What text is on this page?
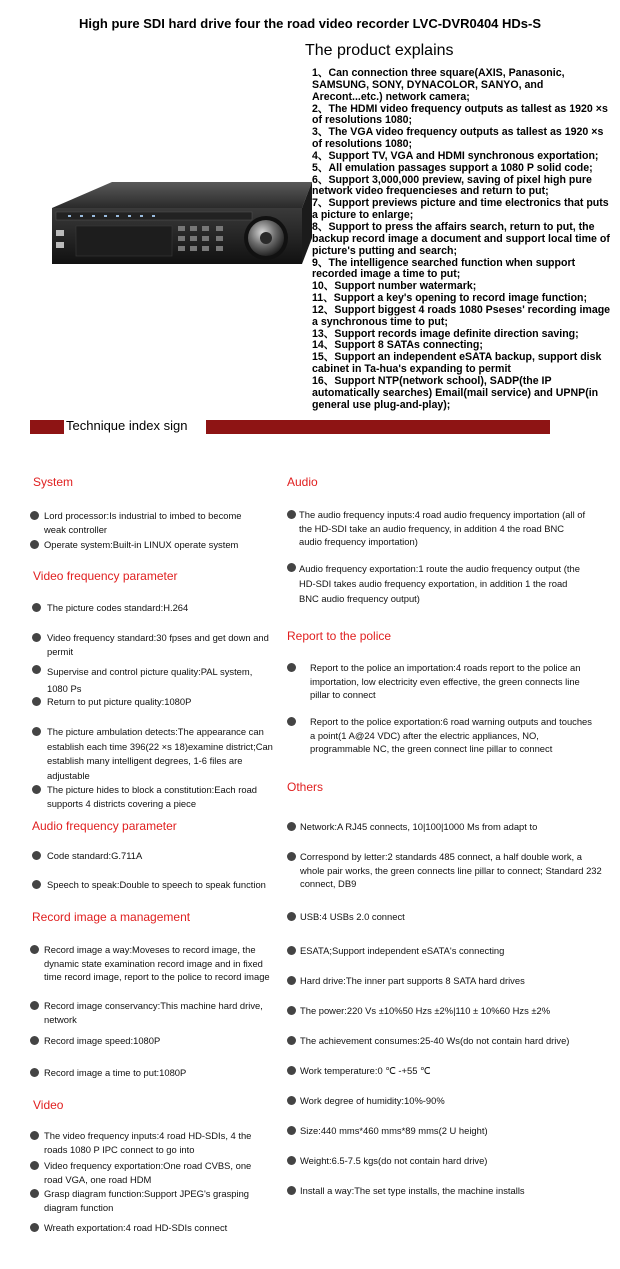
High pure SDI hard drive four the road video recorder LVC-DVR0404 HDs-S
The product explains
1、Can connection three square(AXIS, Panasonic, SAMSUNG, SONY, DYNACOLOR, SANYO, and Arecont...etc.) network camera;
2、The HDMI video frequency outputs as tallest as 1920 ×s of resolutions 1080;
3、The VGA video frequency outputs as tallest as 1920 ×s of resolutions 1080;
4、Support TV, VGA and HDMI synchronous exportation;
5、All emulation passages support a 1080 P solid code;
6、Support 3,000,000 preview, saving of pixel high pure network video frequencieses and return to put;
7、Support previews picture and time electronics that puts a picture to enlarge;
8、Support to press the affairs search, return to put, the backup record image a document and support local time of picture's putting and search;
9、The intelligence searched function when support recorded image a time to put;
10、Support number watermark;
11、Support a key's opening to record image function;
12、Support biggest 4 roads 1080 Pseses' recording image a synchronous time to put;
13、Support records image definite direction saving;
14、Support 8 SATAs connecting;
15、Support an independent eSATA backup, support disk cabinet in Ta-hua's expanding to permit
16、Support NTP(network school), SADP(the IP automatically searches) Email(mail service) and UPNP(in general use plug-and-play);
Technique index sign
System
Lord processor:Is industrial to imbed to become weak controller
Operate system:Built-in LINUX operate system
Video frequency parameter
The picture codes standard:H.264
Video frequency standard:30 fpses and get down and permit
Supervise and control picture quality:PAL system, 1080 Ps
Return to put picture quality:1080P
The picture ambulation detects:The appearance can establish each time 396(22 ×s 18)examine district;Can establish many intelligent degrees, 1-6 files are adjustable
The picture hides to block a constitution:Each road supports 4 districts covering a piece
Audio frequency parameter
Code standard:G.711A
Speech to speak:Double to speech to speak function
Record image a management
Record image a way:Moveses to record image, the dynamic state examination record image and in fixed time record image, report to the police to record image
Record image conservancy:This machine hard drive, network
Record image speed:1080P
Record image a time to put:1080P
Video
The video frequency inputs:4 road HD-SDIs, 4 the roads 1080 P IPC connect to go into
Video frequency exportation:One road CVBS, one road VGA, one road HDM
Grasp diagram function:Support JPEG's grasping diagram function
Wreath exportation:4 road HD-SDIs connect
Audio
The audio frequency inputs:4 road audio frequency importation (all of the HD-SDI take an audio frequency, in addition 4 the road BNC audio frequency importation)
Audio frequency exportation:1 route the audio frequency output (the HD-SDI takes audio frequency exportation, in addition 1 the road BNC audio frequency output)
Report to the police
Report to the police an importation:4 roads report to the police an importation, low electricity even effective, the green connects line pillar to connect
Report to the police exportation:6 road warning outputs and touches a point(1 A@24 VDC) after the electric appliances, NO, programmable NC, the green connect line pillar to connect
Others
Network:A RJ45 connects, 10|100|1000 Ms from adapt to
Correspond by letter:2 standards 485 connect, a half double work, a whole pair works, the green connects line pillar to connect; Standard 232 connect, DB9
USB:4 USBs 2.0 connect
ESATA;Support independent eSATA's connecting
Hard drive:The inner part supports 8 SATA hard drives
The power:220 Vs ±10%50 Hzs ±2%|110 ± 10%60 Hzs ±2%
The achievement consumes:25-40 Ws(do not contain hard drive)
Work temperature:0 ℃ -+55 ℃
Work degree of humidity:10%-90%
Size:440 mms*460 mms*89 mms(2 U height)
Weight:6.5-7.5 kgs(do not contain hard drive)
Install a way:The set type installs, the machine installs
